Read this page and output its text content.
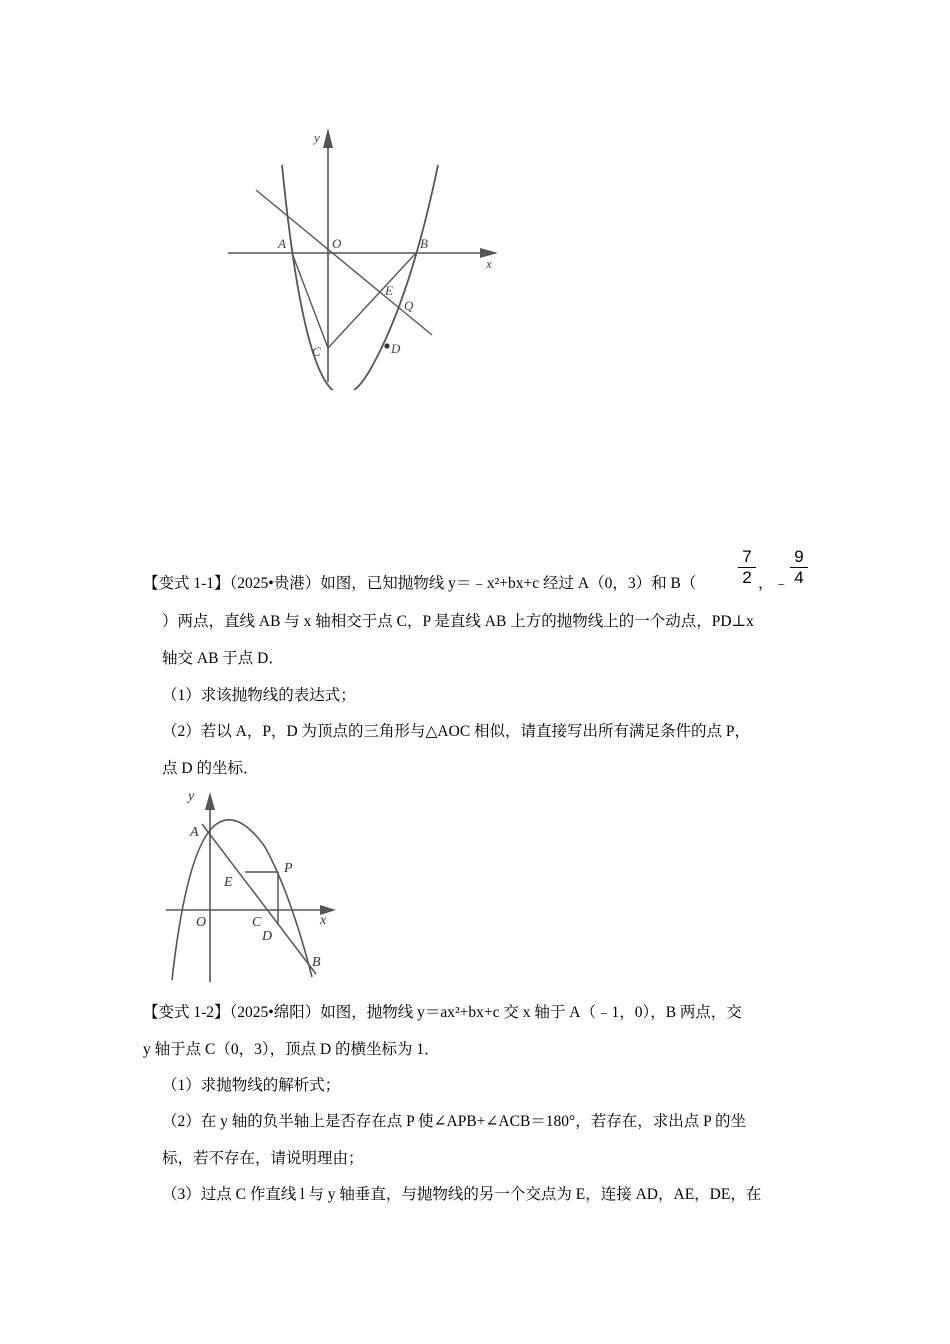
y
x
A	O	B
E
Q
C	D
【变式 1-1】（2025•贵港）如图，已知抛物线 y＝﹣x²+bx+c 经过 A（0，3）和 B（
7
2 ，﹣
9
4
）两点，直线 AB 与 x 轴相交于点 C，P 是直线 AB 上方的抛物线上的一个动点，PD⊥x
轴交 AB 于点 D．
（1）求该抛物线的表达式；
（2）若以 A，P，D 为顶点的三角形与△AOC 相似，请直接写出所有满足条件的点 P，
点 D 的坐标．
y
x
A
E
P
O	C
D
B
【变式 1-2】（2025•绵阳）如图，抛物线 y＝ax²+bx+c 交 x 轴于 A（﹣1，0），B 两点，交
y 轴于点 C（0，3），顶点 D 的横坐标为 1．
（1）求抛物线的解析式；
（2）在 y 轴的负半轴上是否存在点 P 使∠APB+∠ACB＝180°，若存在，求出点 P 的坐
标，若不存在，请说明理由；
（3）过点 C 作直线 l 与 y 轴垂直，与抛物线的另一个交点为 E，连接 AD，AE，DE，在
